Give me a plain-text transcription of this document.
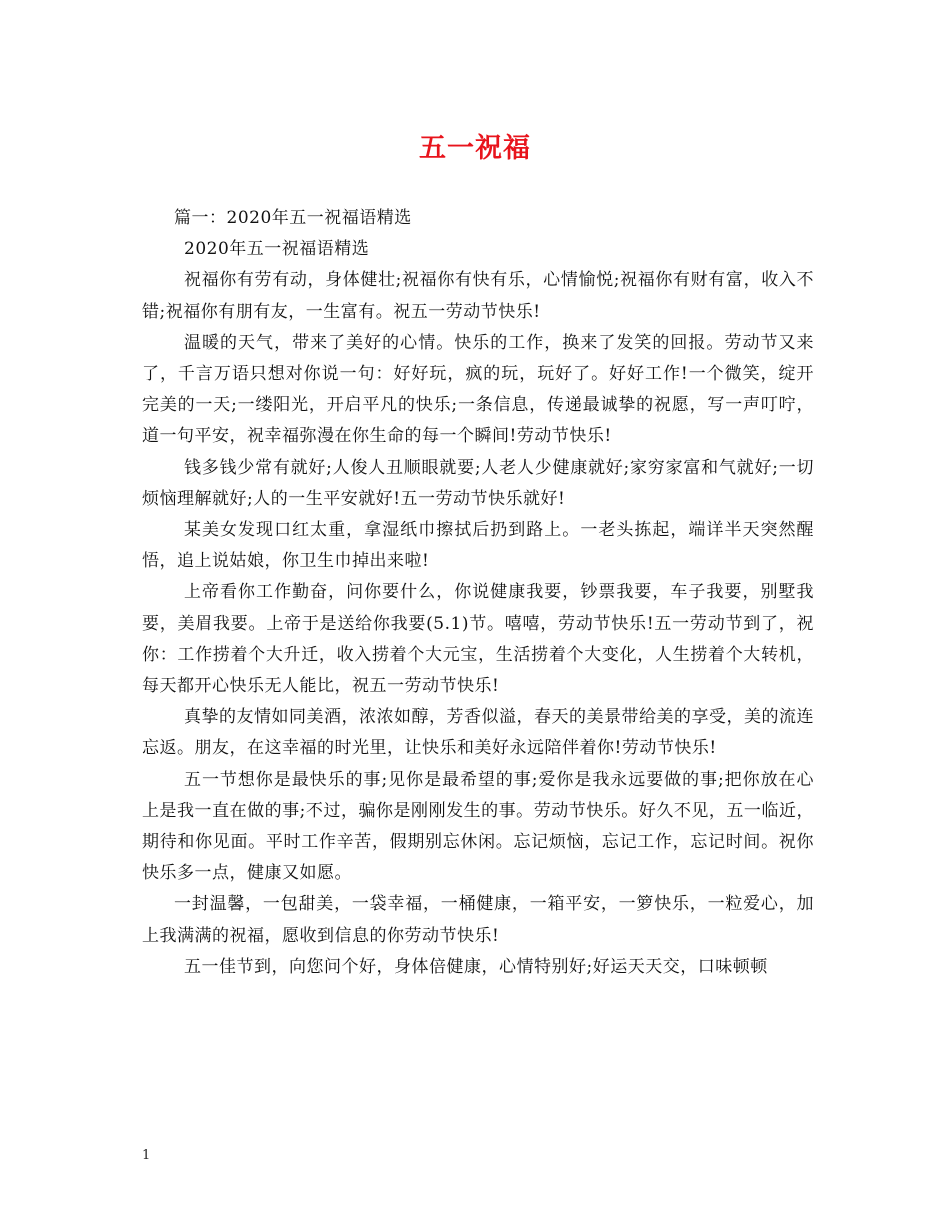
五一祝福

篇一：2020年五一祝福语精选

2020年五一祝福语精选

祝福你有劳有动，身体健壮;祝福你有快有乐，心情愉悦;祝福你有财有富，收入不错;祝福你有朋有友，一生富有。祝五一劳动节快乐!

温暖的天气，带来了美好的心情。快乐的工作，换来了发笑的回报。劳动节又来了，千言万语只想对你说一句：好好玩，疯的玩，玩好了。好好工作!一个微笑，绽开完美的一天;一缕阳光，开启平凡的快乐;一条信息，传递最诚挚的祝愿，写一声叮咛，道一句平安，祝幸福弥漫在你生命的每一个瞬间!劳动节快乐!

钱多钱少常有就好;人俊人丑顺眼就要;人老人少健康就好;家穷家富和气就好;一切烦恼理解就好;人的一生平安就好!五一劳动节快乐就好!

某美女发现口红太重，拿湿纸巾擦拭后扔到路上。一老头拣起，端详半天突然醒悟，追上说姑娘，你卫生巾掉出来啦!

上帝看你工作勤奋，问你要什么，你说健康我要，钞票我要，车子我要，别墅我要，美眉我要。上帝于是送给你我要(5.1)节。嘻嘻，劳动节快乐!五一劳动节到了，祝你：工作捞着个大升迁，收入捞着个大元宝，生活捞着个大变化，人生捞着个大转机，每天都开心快乐无人能比，祝五一劳动节快乐!

真挚的友情如同美酒，浓浓如醇，芳香似溢，春天的美景带给美的享受，美的流连忘返。朋友，在这幸福的时光里，让快乐和美好永远陪伴着你!劳动节快乐!

五一节想你是最快乐的事;见你是最希望的事;爱你是我永远要做的事;把你放在心上是我一直在做的事;不过，骗你是刚刚发生的事。劳动节快乐。好久不见，五一临近，期待和你见面。平时工作辛苦，假期别忘休闲。忘记烦恼，忘记工作，忘记时间。祝你快乐多一点，健康又如愿。

一封温馨，一包甜美，一袋幸福，一桶健康，一箱平安，一箩快乐，一粒爱心，加上我满满的祝福，愿收到信息的你劳动节快乐!

五一佳节到，向您问个好，身体倍健康，心情特别好;好运天天交，口味顿顿

1
